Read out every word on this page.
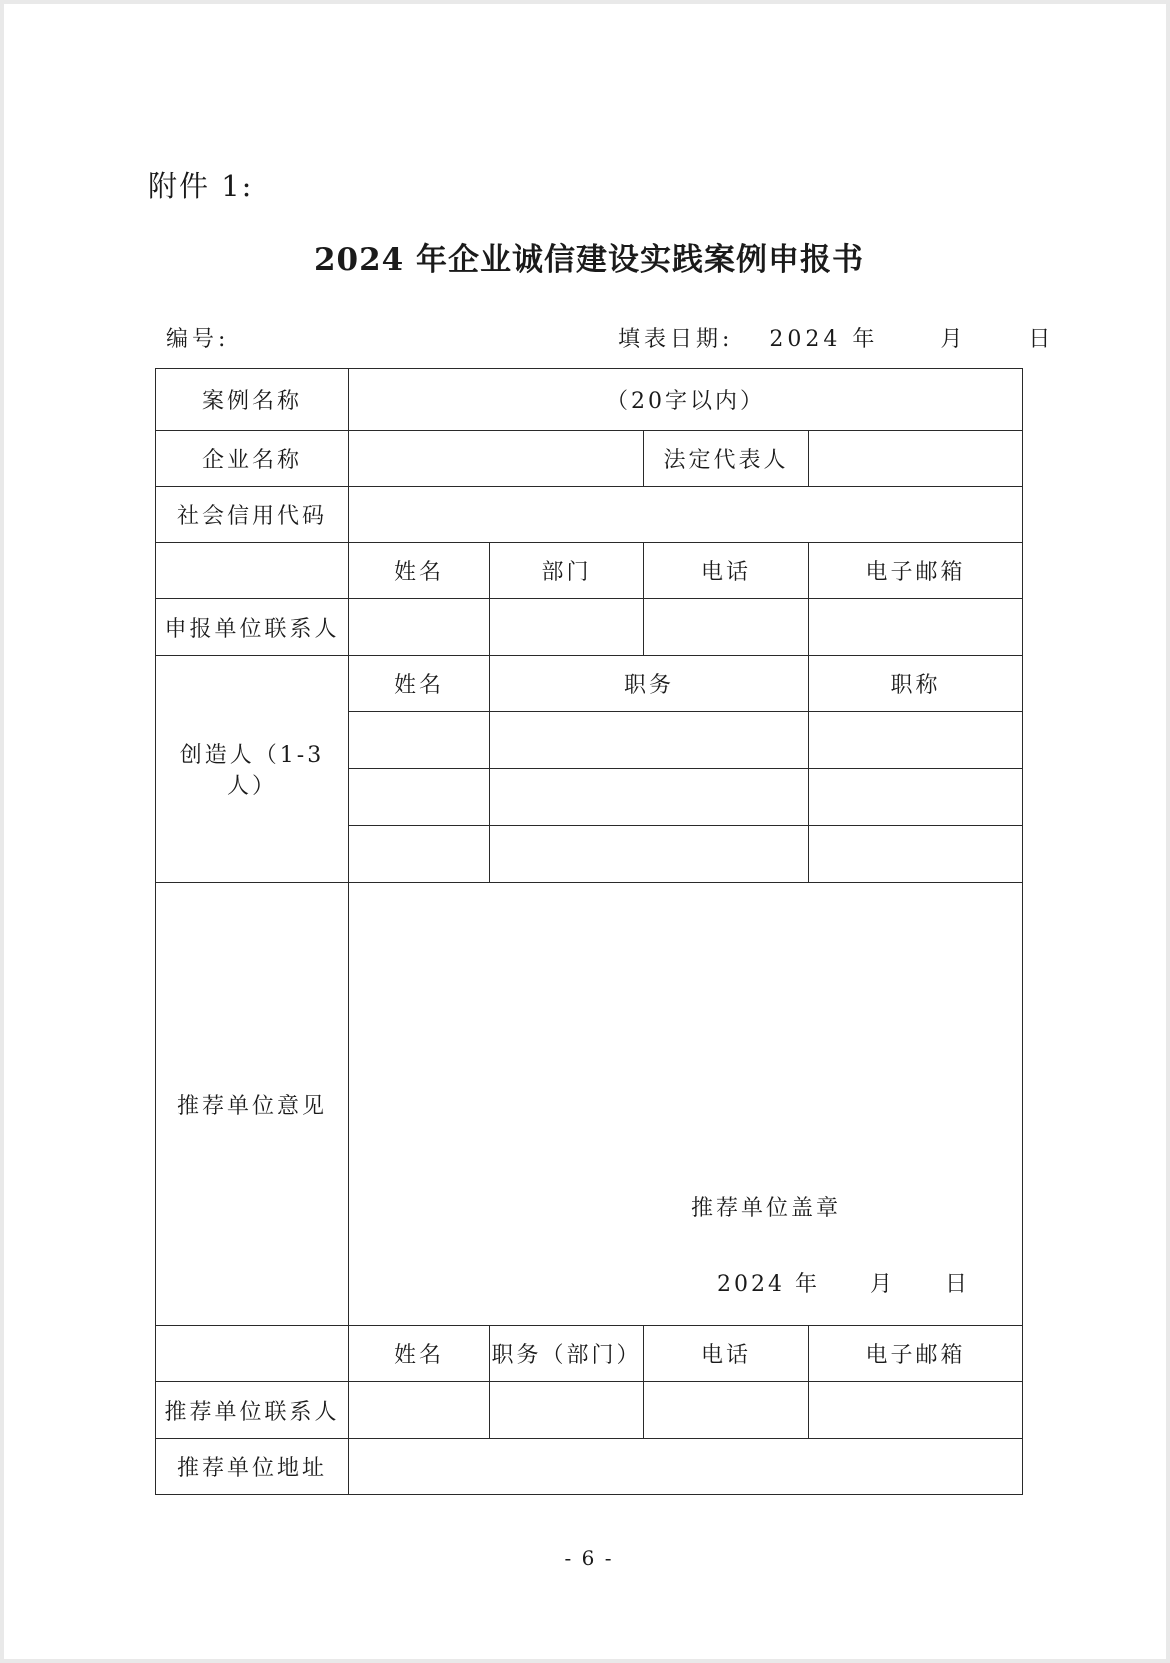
附件 1:
2024 年企业诚信建设实践案例申报书
编号:	填表日期: 2024 年	月	日
案例名称	（20字以内）			
企业名称			法定代表人	
社会信用代码				
	姓名	部门	电话	电子邮箱
申报单位联系人				
创造人（1-3 人）	姓名	职务		职称

推荐单位意见	推荐单位盖章
2024 年 月 日			

	姓名	职务（部门）	电话	电子邮箱
推荐单位联系人				
推荐单位地址				
- 6 -
